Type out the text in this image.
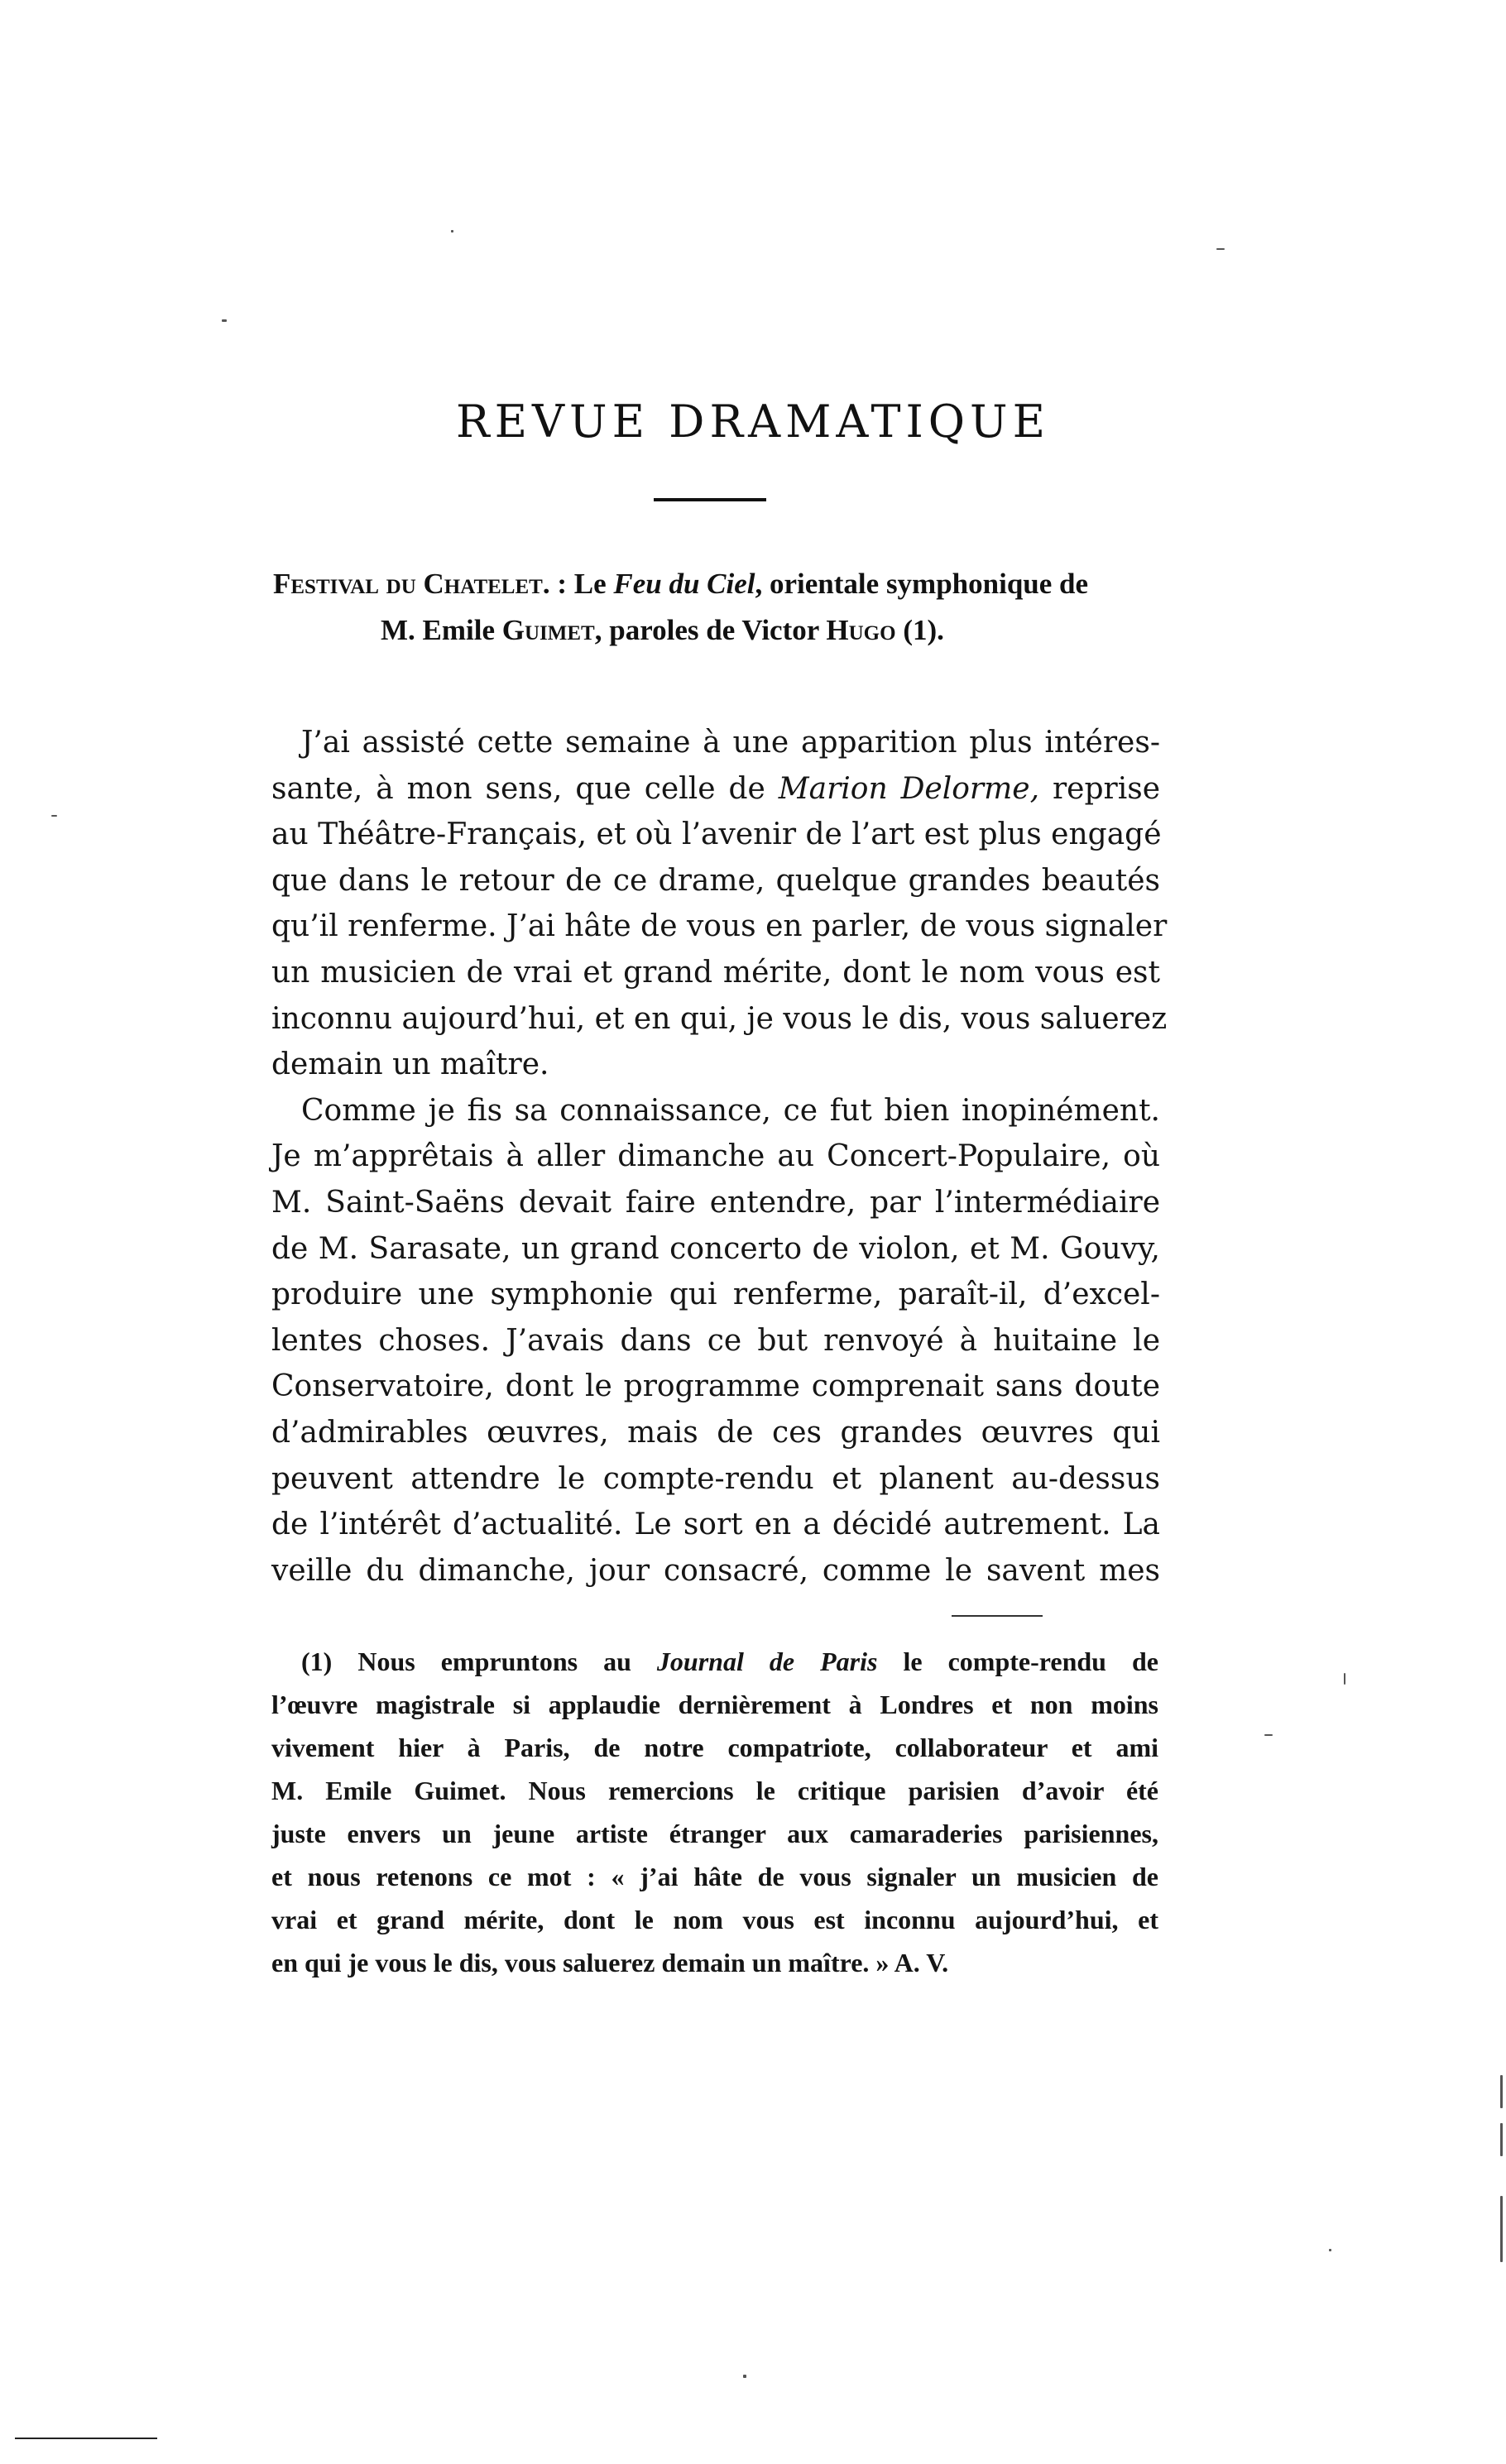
REVUE DRAMATIQUE
Festival du Chatelet. : Le Feu du Ciel, orientale symphonique de
M. Emile Guimet, paroles de Victor Hugo (1).
J’ai assisté cette semaine à une apparition plus intéres-
sante, à mon sens, que celle de Marion Delorme, reprise
au Théâtre-Français, et où l’avenir de l’art est plus engagé
que dans le retour de ce drame, quelque grandes beautés
qu’il renferme. J’ai hâte de vous en parler, de vous signaler
un musicien de vrai et grand mérite, dont le nom vous est
inconnu aujourd’hui, et en qui, je vous le dis, vous saluerez
demain un maître.
Comme je fis sa connaissance, ce fut bien inopinément.
Je m’apprêtais à aller dimanche au Concert-Populaire, où
M. Saint-Saëns devait faire entendre, par l’intermédiaire
de M. Sarasate, un grand concerto de violon, et M. Gouvy,
produire une symphonie qui renferme, paraît-il, d’excel-
lentes choses. J’avais dans ce but renvoyé à huitaine le
Conservatoire, dont le programme comprenait sans doute
d’admirables œuvres, mais de ces grandes œuvres qui
peuvent attendre le compte-rendu et planent au-dessus
de l’intérêt d’actualité. Le sort en a décidé autrement. La
veille du dimanche, jour consacré, comme le savent mes
(1) Nous empruntons au Journal de Paris le compte-rendu de
l’œuvre magistrale si applaudie dernièrement à Londres et non moins
vivement hier à Paris, de notre compatriote, collaborateur et ami
M. Emile Guimet. Nous remercions le critique parisien d’avoir été
juste envers un jeune artiste étranger aux camaraderies parisiennes,
et nous retenons ce mot : « j’ai hâte de vous signaler un musicien de
vrai et grand mérite, dont le nom vous est inconnu aujourd’hui, et
en qui je vous le dis, vous saluerez demain un maître. » A. V.
